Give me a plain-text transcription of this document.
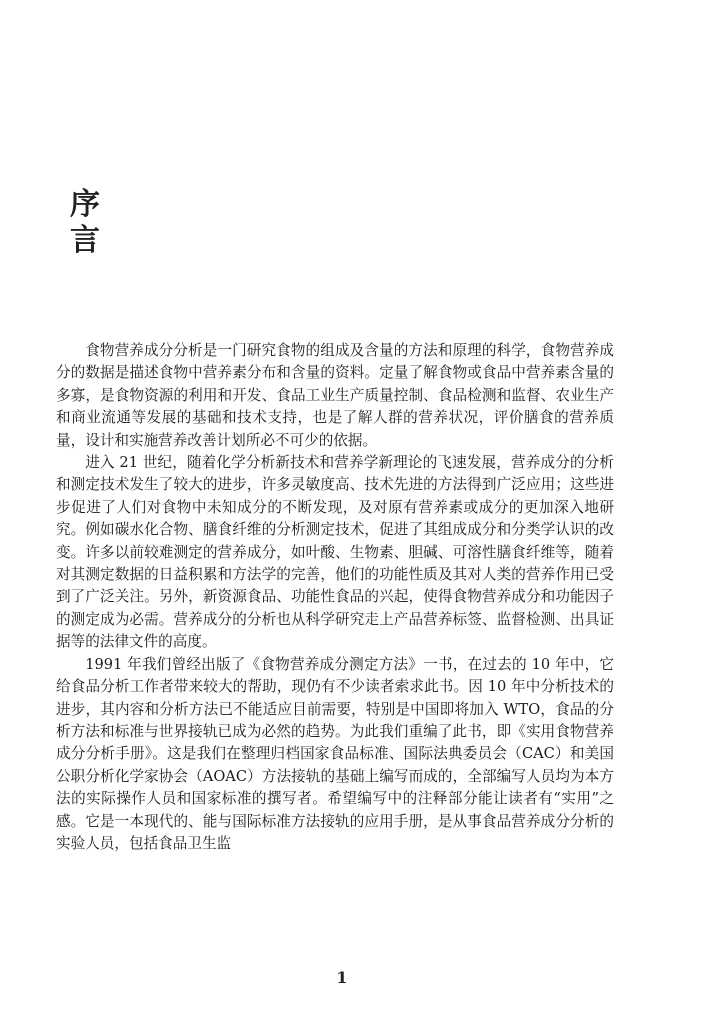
序
言

食物营养成分分析是一门研究食物的组成及含量的方法和原理的科学，食物营养成分的数据是描述食物中营养素分布和含量的资料。定量了解食物或食品中营养素含量的多寡，是食物资源的利用和开发、食品工业生产质量控制、食品检测和监督、农业生产和商业流通等发展的基础和技术支持，也是了解人群的营养状况，评价膳食的营养质量，设计和实施营养改善计划所必不可少的依据。

进入 21 世纪，随着化学分析新技术和营养学新理论的飞速发展，营养成分的分析和测定技术发生了较大的进步，许多灵敏度高、技术先进的方法得到广泛应用；这些进步促进了人们对食物中未知成分的不断发现，及对原有营养素或成分的更加深入地研究。例如碳水化合物、膳食纤维的分析测定技术，促进了其组成成分和分类学认识的改变。许多以前较难测定的营养成分，如叶酸、生物素、胆碱、可溶性膳食纤维等，随着对其测定数据的日益积累和方法学的完善，他们的功能性质及其对人类的营养作用已受到了广泛关注。另外，新资源食品、功能性食品的兴起，使得食物营养成分和功能因子的测定成为必需。营养成分的分析也从科学研究走上产品营养标签、监督检测、出具证据等的法律文件的高度。

1991 年我们曾经出版了《食物营养成分测定方法》一书，在过去的 10 年中，它给食品分析工作者带来较大的帮助，现仍有不少读者索求此书。因 10 年中分析技术的进步，其内容和分析方法已不能适应目前需要，特别是中国即将加入 WTO，食品的分析方法和标准与世界接轨已成为必然的趋势。为此我们重编了此书，即《实用食物营养成分分析手册》。这是我们在整理归档国家食品标准、国际法典委员会（CAC）和美国公职分析化学家协会（AOAC）方法接轨的基础上编写而成的，全部编写人员均为本方法的实际操作人员和国家标准的撰写者。希望编写中的注释部分能让读者有“实用”之感。它是一本现代的、能与国际标准方法接轨的应用手册，是从事食品营养成分分析的实验人员，包括食品卫生监

1
